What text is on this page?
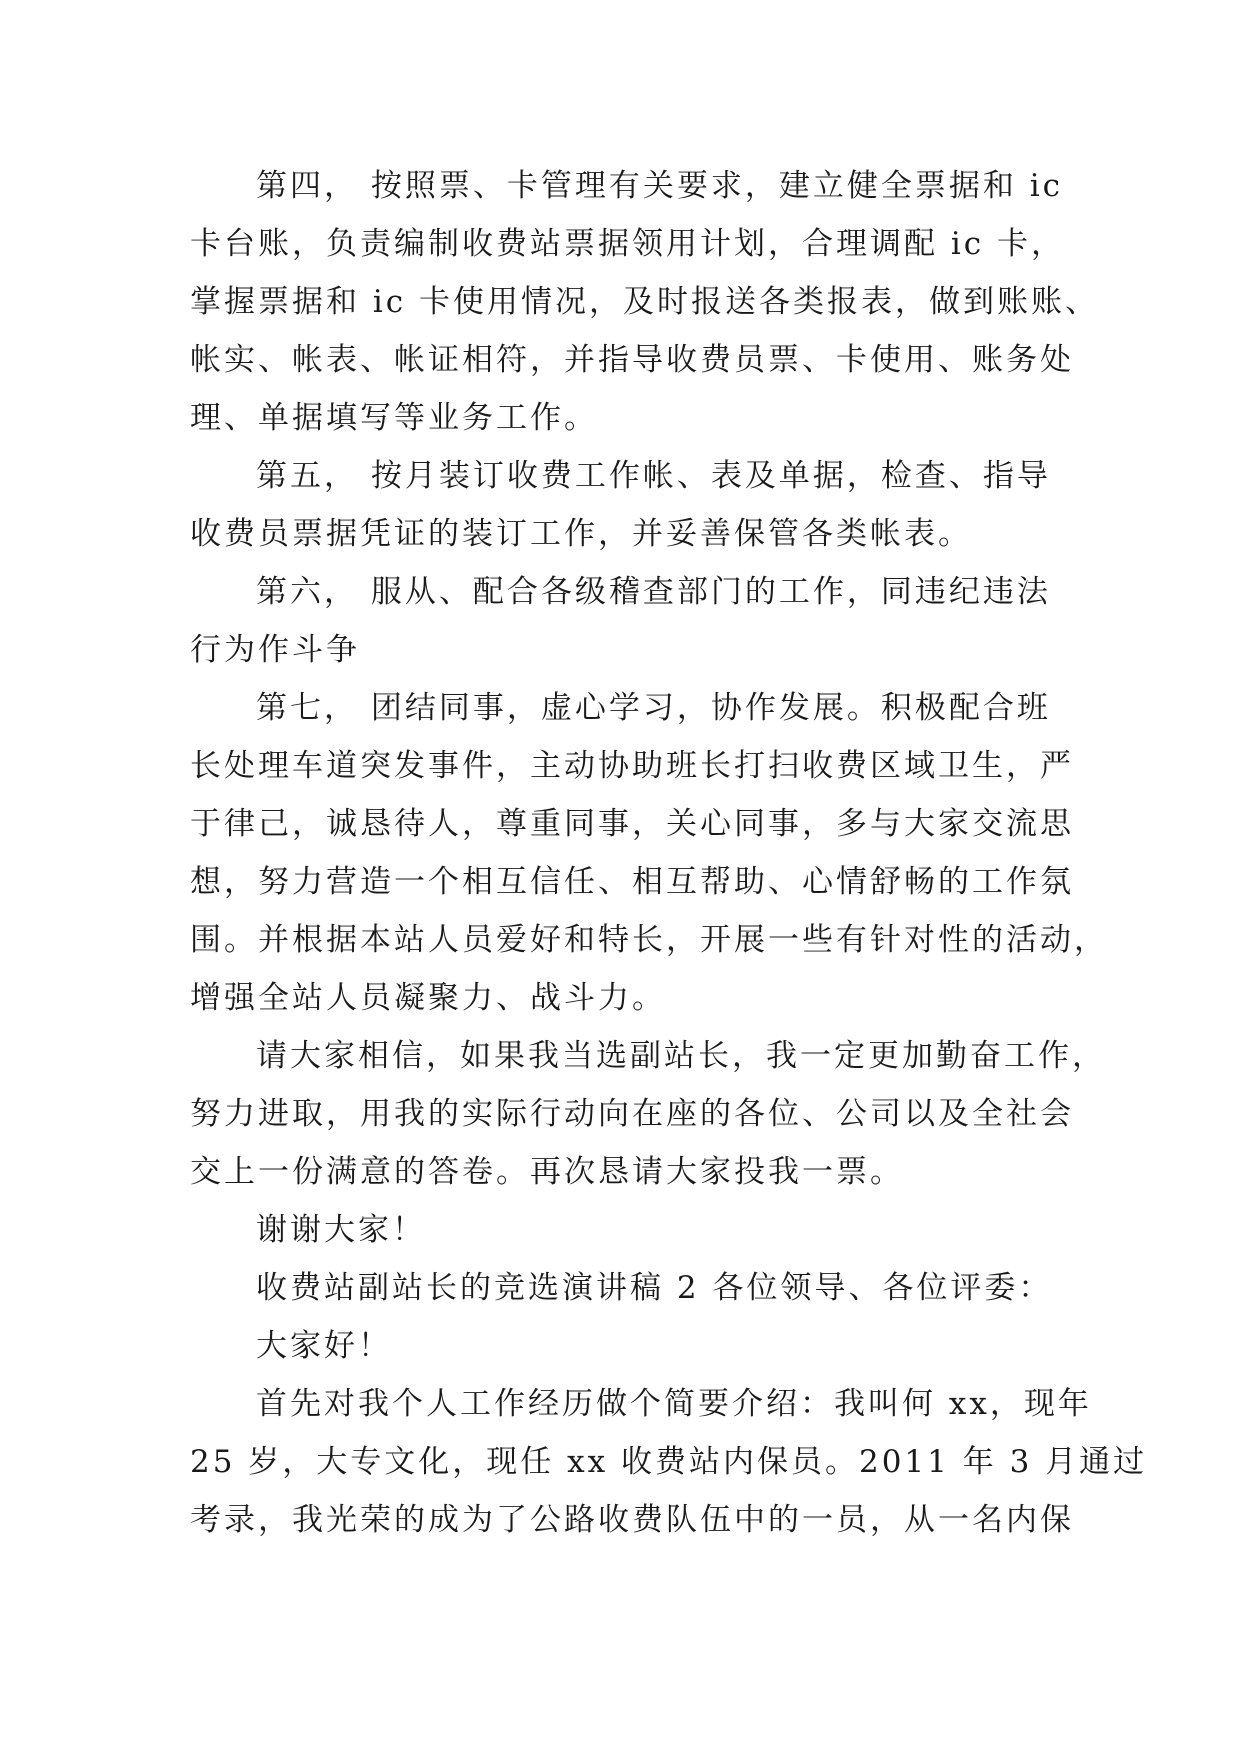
第四， 按照票、卡管理有关要求，建立健全票据和 ic
卡台账，负责编制收费站票据领用计划，合理调配 ic 卡，
掌握票据和 ic 卡使用情况，及时报送各类报表，做到账账、
帐实、帐表、帐证相符，并指导收费员票、卡使用、账务处
理、单据填写等业务工作。
第五， 按月装订收费工作帐、表及单据，检查、指导
收费员票据凭证的装订工作，并妥善保管各类帐表。
第六， 服从、配合各级稽查部门的工作，同违纪违法
行为作斗争
第七， 团结同事，虚心学习，协作发展。积极配合班
长处理车道突发事件，主动协助班长打扫收费区域卫生，严
于律己，诚恳待人，尊重同事，关心同事，多与大家交流思
想，努力营造一个相互信任、相互帮助、心情舒畅的工作氛
围。并根据本站人员爱好和特长，开展一些有针对性的活动，
增强全站人员凝聚力、战斗力。
请大家相信，如果我当选副站长，我一定更加勤奋工作，
努力进取，用我的实际行动向在座的各位、公司以及全社会
交上一份满意的答卷。再次恳请大家投我一票。
谢谢大家！
收费站副站长的竞选演讲稿 2 各位领导、各位评委：
大家好！
首先对我个人工作经历做个简要介绍：我叫何 xx，现年
25 岁，大专文化，现任 xx 收费站内保员。2011 年 3 月通过
考录，我光荣的成为了公路收费队伍中的一员，从一名内保
